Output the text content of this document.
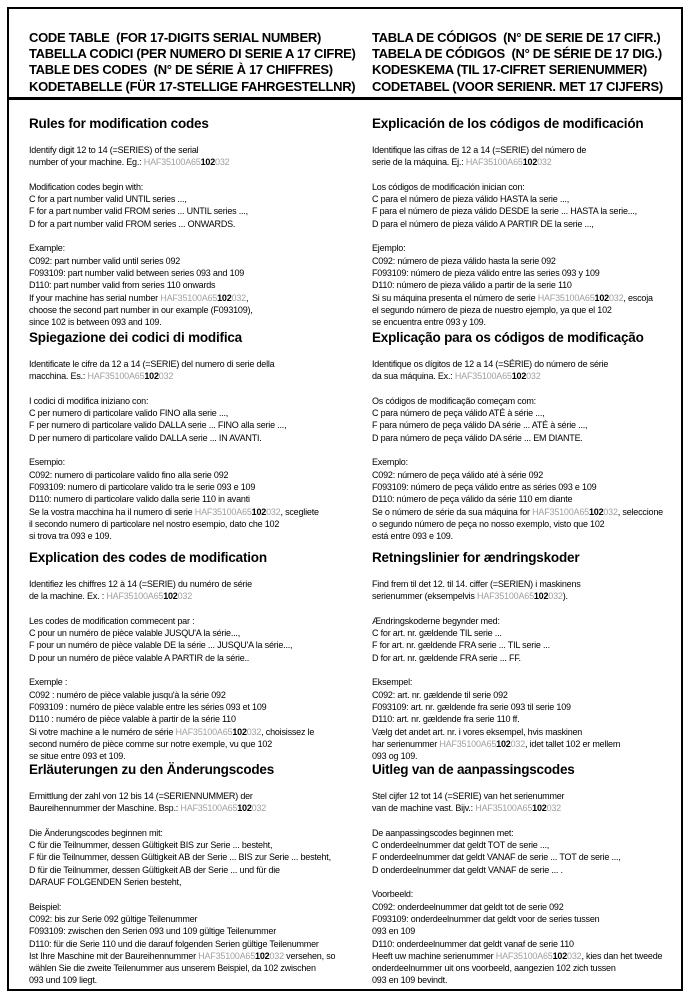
CODE TABLE  (FOR 17-DIGITS SERIAL NUMBER)
TABELLA CODICI (PER NUMERO DI SERIE A 17 CIFRE)
TABLE DES CODES  (N° DE SÉRIE À 17 CHIFFRES)
KODETABELLE (FÜR 17-STELLIGE FAHRGESTELLNR)
TABLA DE CÓDIGOS  (N° DE SERIE DE 17 CIFR.)
TABELA DE CÓDIGOS  (N° DE SÉRIE DE 17 DIG.)
KODESKEMA (TIL 17-CIFRET SERIENUMMER)
CODETABEL (VOOR SERIENR. MET 17 CIJFERS)
Rules for modification codes

Identify digit 12 to 14 (=SERIES) of the serial
number of your machine. Eg.: HAF35100A65102032

Modification codes begin with:
C for a part number valid UNTIL series ...,
F for a part number valid FROM series ... UNTIL series ...,
D for a part number valid FROM series ... ONWARDS.

Example:
C092: part number valid until series 092
F093109: part number valid between series 093 and 109
D110: part number valid from series 110 onwards
If your machine has serial number HAF35100A65102032,
choose the second part number in our example (F093109),
since 102 is between 093 and 109.

Explicación de los códigos de modificación

Identifique las cifras de 12 a 14 (=SERIE) del número de
serie de la máquina. Ej.: HAF35100A65102032

Los códigos de modificación inician con:
C para el número de pieza válido HASTA la serie ...,
F para el número de pieza válido DESDE la serie ... HASTA la serie...,
D para el número de pieza válido A PARTIR DE la serie ...,

Ejemplo:
C092: número de pieza válido hasta la serie 092
F093109: número de pieza válido entre las series 093 y 109
D110: número de pieza válido a partir de la serie 110
Si su máquina presenta el número de serie HAF35100A65102032, escoja
el segundo número de pieza de nuestro ejemplo, ya que el 102
se encuentra entre 093 y 109.

Spiegazione dei codici di modifica

Identificate le cifre da 12 a 14 (=SERIE) del numero di serie della
macchina. Es.: HAF35100A65102032

I codici di modifica iniziano con:
C per numero di particolare valido FINO alla serie ...,
F per numero di particolare valido DALLA serie ... FINO alla serie ...,
D per numero di particolare valido DALLA serie ... IN AVANTI.

Esempio:
C092: numero di particolare valido fino alla serie 092
F093109: numero di particolare valido tra le serie 093 e 109
D110: numero di particolare valido dalla serie 110 in avanti
Se la vostra macchina ha il numero di serie HAF35100A65102032, scegliete
il secondo numero di particolare nel nostro esempio, dato che 102
si trova tra 093 e 109.

Explicação para os códigos de modificação

Identifique os dígitos de 12 a 14 (=SÉRIE) do número de série
da sua máquina. Ex.: HAF35100A65102032

Os códigos de modificação começam com:
C para número de peça válido ATÉ à série ...,
F para número de peça válido DA série ... ATÉ à série ...,
D para número de peça válido DA série ... EM DIANTE.

Exemplo:
C092: número de peça válido até à série 092
F093109: número de peça válido entre as séries 093 e 109
D110: número de peça válido da série 110 em diante
Se o número de série da sua máquina for HAF35100A65102032, seleccione
o segundo número de peça no nosso exemplo, visto que 102
está entre 093 e 109.

Explication des codes de modification

Identifiez les chiffres 12 à 14 (=SERIE) du numéro de série
de la machine. Ex. : HAF35100A65102032

Les codes de modification commecent par :
C pour un numéro de pièce valable JUSQU'A la série...,
F pour un numéro de pièce valable DE la série ... JUSQU'A la série...,
D pour un numéro de pièce valable A PARTIR de la série..

Exemple :
C092 : numéro de pièce valable jusqu'à la série 092
F093109 : numéro de pièce valable entre les séries 093 et 109
D110 : numéro de pièce valable à partir de la série 110
Si votre machine a le numéro de série HAF35100A65102032, choisissez le
second numéro de pièce comme sur notre exemple, vu que 102
se situe entre 093 et 109.

Retningslinier for ændringskoder

Find frem til det 12. til 14. ciffer (=SERIEN) i maskinens
serienummer (eksempelvis HAF35100A65102032).

Ændringskoderne begynder med:
C for art. nr. gældende TIL serie ...
F for art. nr. gældende FRA serie ... TIL serie ...
D for art. nr. gældende FRA serie ... FF.

Eksempel:
C092: art. nr. gældende til serie 092
F093109: art. nr. gældende fra serie 093 til serie 109
D110: art. nr. gældende fra serie 110 ff.
Vælg det andet art. nr. i vores eksempel, hvis maskinen
har serienummer HAF35100A65102032, idet tallet 102 er mellem
093 og 109.

Erläuterungen zu den Änderungscodes

Ermittlung der zahl von 12 bis 14 (=SERIENNUMMER) der
Baureihennummer der Maschine. Bsp.: HAF35100A65102032

Die Änderungscodes beginnen mit:
C für die Teilnummer, dessen Gültigkeit BIS zur Serie ... besteht,
F für die Teilnummer, dessen Gültigkeit AB der Serie ... BIS zur Serie ... besteht,
D für die Teilnummer, dessen Gültigkeit AB der Serie ... und für die
DARAUF FOLGENDEN Serien besteht,

Beispiel:
C092: bis zur Serie 092 gültige Teilenummer
F093109: zwischen den Serien 093 und 109 gültige Teilenummer
D110: für die Serie 110 und die darauf folgenden Serien gültige Teilenummer
Ist Ihre Maschine mit der Baureihennummer HAF35100A65102032 versehen, so
wählen Sie die zweite Teilenummer aus unserem Beispiel, da 102 zwischen
093 und 109 liegt.

Uitleg van de aanpassingscodes

Stel cijfer 12 tot 14 (=SERIE) van het serienummer
van de machine vast. Bijv.: HAF35100A65102032

De aanpassingscodes beginnen met:
C onderdeelnummer dat geldt TOT de serie ...,
F onderdeelnummer dat geldt VANAF de serie ... TOT de serie ...,
D onderdeelnummer dat geldt VANAF de serie ... .

Voorbeeld:
C092: onderdeelnummer dat geldt tot de serie 092
F093109: onderdeelnummer dat geldt voor de series tussen
093 en 109
D110: onderdeelnummer dat geldt vanaf de serie 110
Heeft uw machine serienummer HAF35100A65102032, kies dan het tweede
onderdeelnummer uit ons voorbeeld, aangezien 102 zich tussen
093 en 109 bevindt.
